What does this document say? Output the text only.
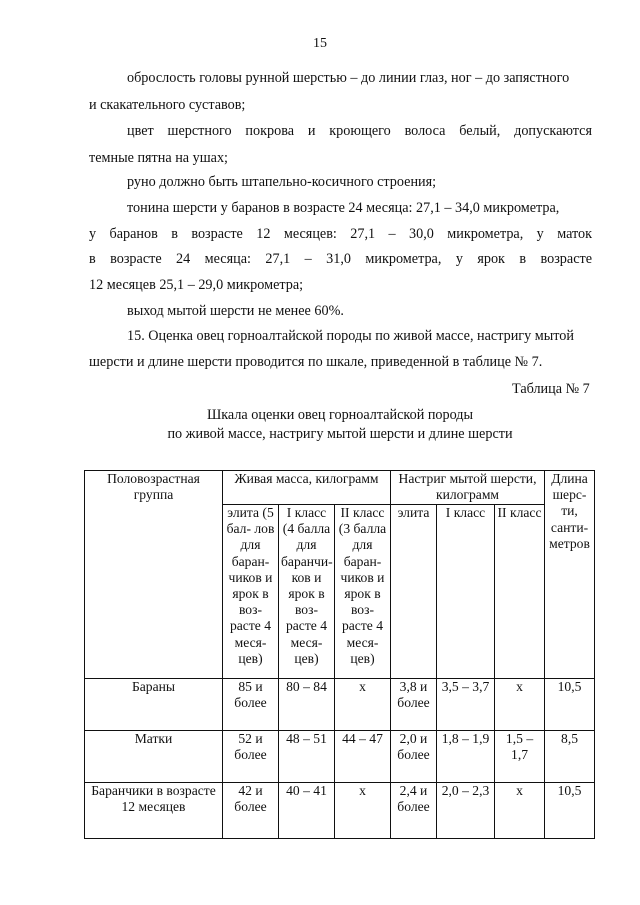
15
оброслость головы рунной шерстью – до линии глаз, ног – до запястного
и скакательного суставов;
цвет шерстного покрова и кроющего волоса белый, допускаются
темные пятна на ушах;
руно должно быть штапельно-косичного строения;
тонина шерсти у баранов в возрасте 24 месяца: 27,1 – 34,0 микрометра,
у баранов в возрасте 12 месяцев: 27,1 – 30,0 микрометра, у маток
в возрасте 24 месяца: 27,1 – 31,0 микрометра, у ярок в возрасте
12 месяцев 25,1 – 29,0 микрометра;
выход мытой шерсти не менее 60%.
15. Оценка овец горноалтайской породы по живой массе, настригу мытой
шерсти и длине шерсти проводится по шкале, приведенной в таблице № 7.
Таблица № 7
Шкала оценки овец горноалтайской породы
по живой массе, настригу мытой шерсти и длине шерсти
Половозрастная группа	Живая масса, килограмм			Настриг мытой шерсти, килограмм			Длина шерс- ти, санти- метров
	элита (5 бал- лов для баран- чиков и ярок в воз- расте 4 меся- цев)	I класс (4 балла для баранчи- ков и ярок в воз- расте 4 меся- цев)	II класс (3 балла для баран- чиков и ярок в воз- расте 4 меся- цев)	элита	I класс	II класс	
Бараны	85 и более	80 – 84	x	3,8 и более	3,5 – 3,7	x	10,5
Матки	52 и более	48 – 51	44 – 47	2,0 и более	1,8 – 1,9	1,5 – 1,7	8,5
Баранчики в возрасте 12 месяцев	42 и более	40 – 41	x	2,4 и более	2,0 – 2,3	x	10,5
